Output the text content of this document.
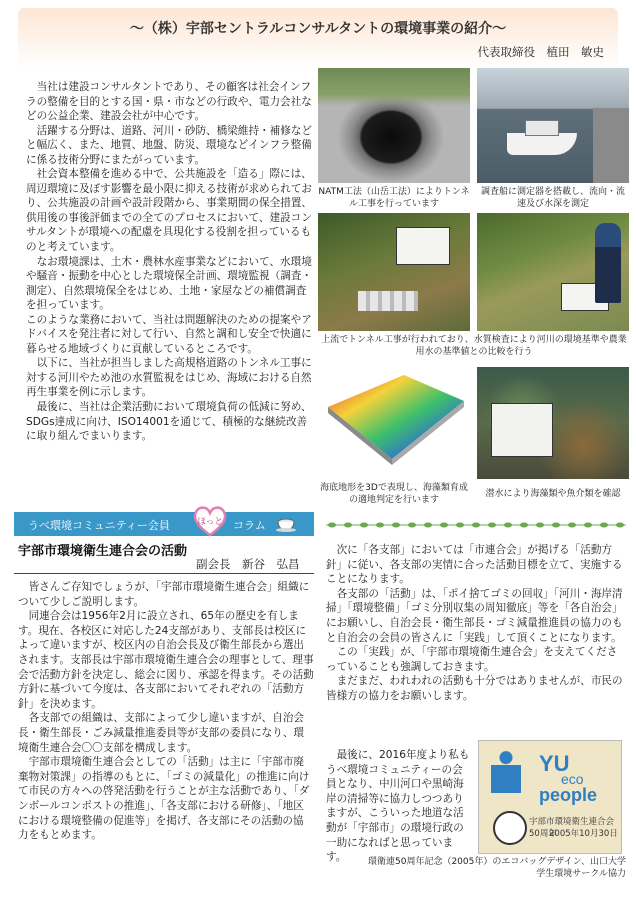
～（株）宇部セントラルコンサルタントの環境事業の紹介～
代表取締役　植田　敏史

　当社は建設コンサルタントであり、その顧客は社会インフラの整備を目的とする国・県・市などの行政や、電力会社などの公益企業、建設会社が中心です。

　活躍する分野は、道路、河川・砂防、橋梁維持・補修などと幅広く、また、地質、地盤、防災、環境などインフラ整備に係る技術分野にまたがっています。

　社会資本整備を進める中で、公共施設を「造る」際には、周辺環境に及ぼす影響を最小限に抑える技術が求められており、公共施設の計画や設計段階から、事業期間の保全措置、供用後の事後評価までの全てのプロセスにおいて、建設コンサルタントが環境への配慮を具現化する役割を担っているものと考えています。

　なお環境課は、土木・農林水産事業などにおいて、水環境や騒音・振動を中心とした環境保全計画、環境監視（調査・測定）、自然環境保全をはじめ、土地・家屋などの補償調査を担っています。

このような業務において、当社は問題解決のための提案やアドバイスを発注者に対して行い、自然と調和し安全で快適に暮らせる地域づくりに貢献しているところです。

　以下に、当社が担当しました高規格道路のトンネル工事に対する河川やため池の水質監視をはじめ、海域における自然再生事業を例に示します。

　最後に、当社は企業活動において環境負荷の低減に努め、SDGs達成に向け、ISO14001を通じて、積極的な継続改善に取り組んでまいります。

NATM工法（山岳工法）によりトンネル工事を行っています
調査船に測定器を搭載し、流向・流速及び水深を測定
上流でトンネル工事が行われており、水質検査により河川の環境基準や農業用水の基準値との比較を行う
海底地形を3Dで表現し、海藻類育成の適地判定を行います
潜水により海藻類や魚介類を確認
うべ環境コミュニティー会員	ほっと コラム
宇部市環境衛生連合会の活動
副会長　新谷　弘昌

　皆さんご存知でしょうが、「宇部市環境衛生連合会」組織について少しご説明します。

　同連合会は1956年2月に設立され、65年の歴史を有します。現在、各校区に対応した24支部があり、支部長は校区によって違いますが、校区内の自治会長及び衛生部長から選出されます。支部長は宇部市環境衛生連合会の理事として、理事会で活動方針を決定し、総会に図り、承認を得ます。その活動方針に基づいて今度は、各支部においてそれぞれの「活動方針」を決めます。

　各支部での組織は、支部によって少し違いますが、自治会長・衛生部長・ごみ減量推進委員等が支部の委員になり、環境衛生連合会〇〇支部を構成します。

　宇部市環境衛生連合会としての「活動」は主に「宇部市廃棄物対策課」の指導のもとに、「ゴミの減量化」の推進に向けて市民の方々への啓発活動を行うことが主な活動であり、「ダンボールコンポストの推進」、「各支部における研修」、「地区における環境整備の促進等」を掲げ、各支部にその活動の協力をもとめます。

　次に「各支部」においては「市連合会」が掲げる「活動方針」に従い、各支部の実情に合った活動目標を立て、実施することになります。

　各支部の「活動」は、「ポイ捨てゴミの回収」「河川・海岸清掃」「環境整備」「ゴミ分別収集の周知徹底」等を「各自治会」にお願いし、自治会長・衛生部長・ゴミ減量推進員の協力のもと自治会の会員の皆さんに「実践」して頂くことになります。

　この「実践」が、「宇部市環境衛生連合会」を支えてくださっていることも強調しておきます。

　まだまだ、われわれの活動も十分ではありませんが、市民の皆様方の協力をお願いします。

　最後に、2016年度より私もうべ環境コミュニティーの会員となり、中川河口や黒崎海岸の清掃等に協力しつつありますが、こういった地道な活動が「宇部市」の環境行政の一助になればと思っています。
YU
eco
people
宇部市環境衛生連合会50周年
2005年10月30日
環衛連50周年記念（2005年）のエコバッグデザイン、山口大学学生環境サークル協力
